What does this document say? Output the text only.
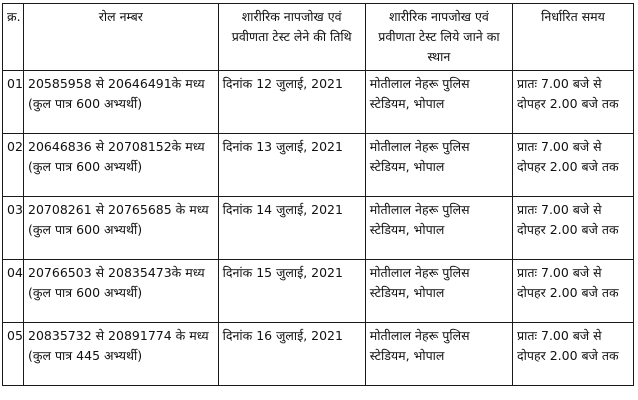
क्र.	रोल नम्बर	शारीरिक नापजोख एवं प्रवीणता टेस्ट लेने की तिथि	शारीरिक नापजोख एवं प्रवीणता टेस्ट लिये जाने का स्थान	निर्धारित समय
01	20585958 से 20646491के मध्य (कुल पात्र 600 अभ्यर्थी)	दिनांक 12 जुलाई, 2021	मोतीलाल नेहरू पुलिस स्टेडियम, भोपाल	प्रातः 7.00 बजे से दोपहर 2.00 बजे तक
02	20646836 से 20708152के मध्य (कुल पात्र 600 अभ्यर्थी)	दिनांक 13 जुलाई, 2021	मोतीलाल नेहरू पुलिस स्टेडियम, भोपाल	प्रातः 7.00 बजे से दोपहर 2.00 बजे तक
03	20708261 से 20765685 के मध्य (कुल पात्र 600 अभ्यर्थी)	दिनांक 14 जुलाई, 2021	मोतीलाल नेहरू पुलिस स्टेडियम, भोपाल	प्रातः 7.00 बजे से दोपहर 2.00 बजे तक
04	20766503 से 20835473के मध्य (कुल पात्र 600 अभ्यर्थी)	दिनांक 15 जुलाई, 2021	मोतीलाल नेहरू पुलिस स्टेडियम, भोपाल	प्रातः 7.00 बजे से दोपहर 2.00 बजे तक
05	20835732 से 20891774 के मध्य (कुल पात्र 445 अभ्यर्थी)	दिनांक 16 जुलाई, 2021	मोतीलाल नेहरू पुलिस स्टेडियम, भोपाल	प्रातः 7.00 बजे से दोपहर 2.00 बजे तक
